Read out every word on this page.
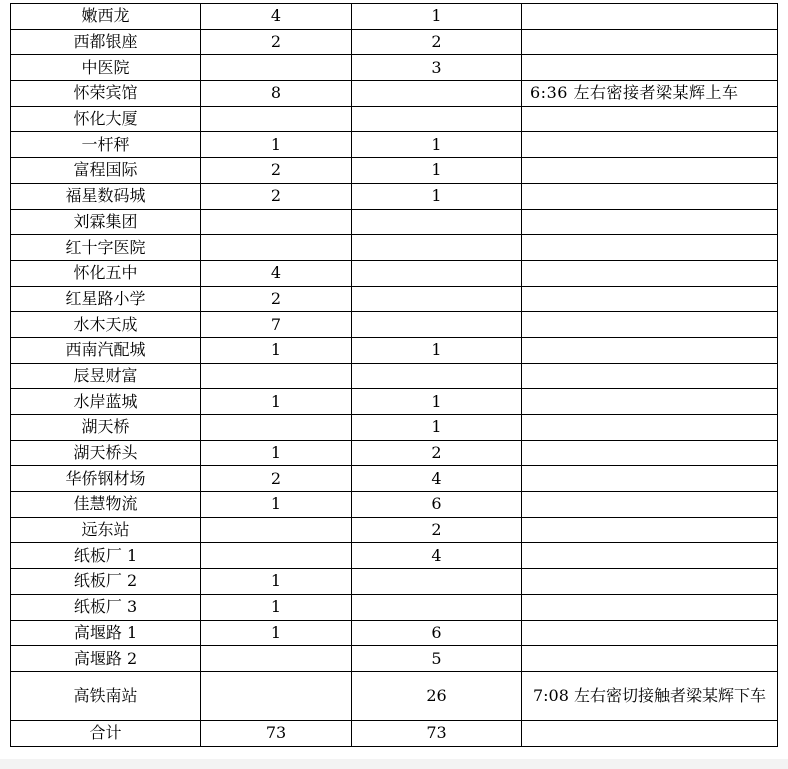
嫩西龙	4	1	
西都银座	2	2	
中医院		3	
怀荣宾馆	8		6:36 左右密接者梁某辉上车
怀化大厦			
一杆秤	1	1	
富程国际	2	1	
福星数码城	2	1	
刘霖集团			
红十字医院			
怀化五中	4		
红星路小学	2		
水木天成	7		
西南汽配城	1	1	
辰昱财富			
水岸蓝城	1	1	
湖天桥		1	
湖天桥头	1	2	
华侨钢材场	2	4	
佳慧物流	1	6	
远东站		2	
纸板厂 1		4	
纸板厂 2	1		
纸板厂 3	1		
高堰路 1	1	6	
高堰路 2		5	
高铁南站		26	7:08 左右密切接触者梁某辉下车
合计	73	73	
